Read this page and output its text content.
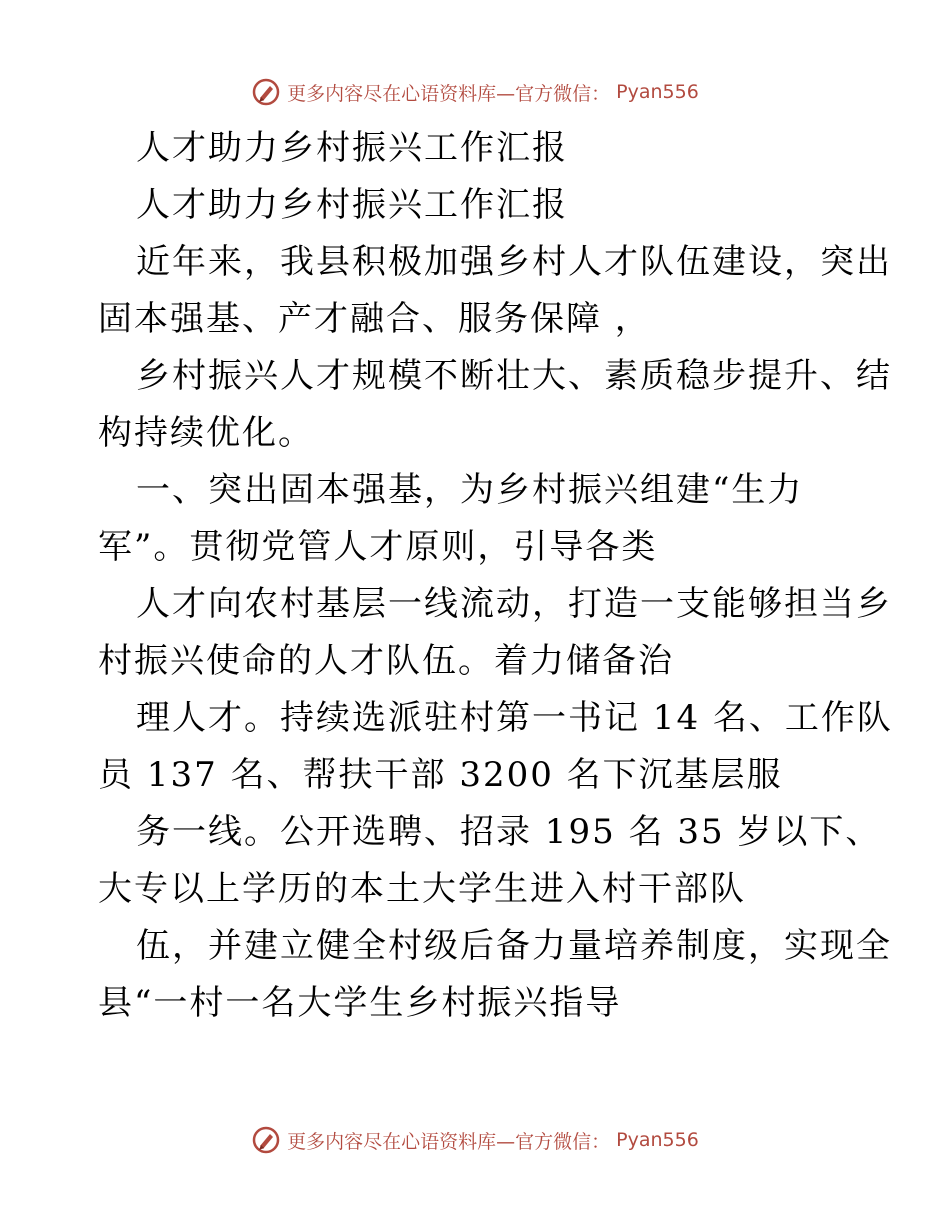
更多内容尽在心语资料库—官方微信： Pyan556
人才助力乡村振兴工作汇报
人才助力乡村振兴工作汇报
近年来，我县积极加强乡村人才队伍建设，突出
固本强基、产才融合、服务保障 ，
乡村振兴人才规模不断壮大、素质稳步提升、结
构持续优化。
一、突出固本强基，为乡村振兴组建“生力
军”。贯彻党管人才原则，引导各类
人才向农村基层一线流动，打造一支能够担当乡
村振兴使命的人才队伍。着力储备治
理人才。持续选派驻村第一书记 14 名、工作队
员 137 名、帮扶干部 3200 名下沉基层服
务一线。公开选聘、招录 195 名 35 岁以下、
大专以上学历的本土大学生进入村干部队
伍，并建立健全村级后备力量培养制度，实现全
县“一村一名大学生乡村振兴指导
更多内容尽在心语资料库—官方微信： Pyan556
